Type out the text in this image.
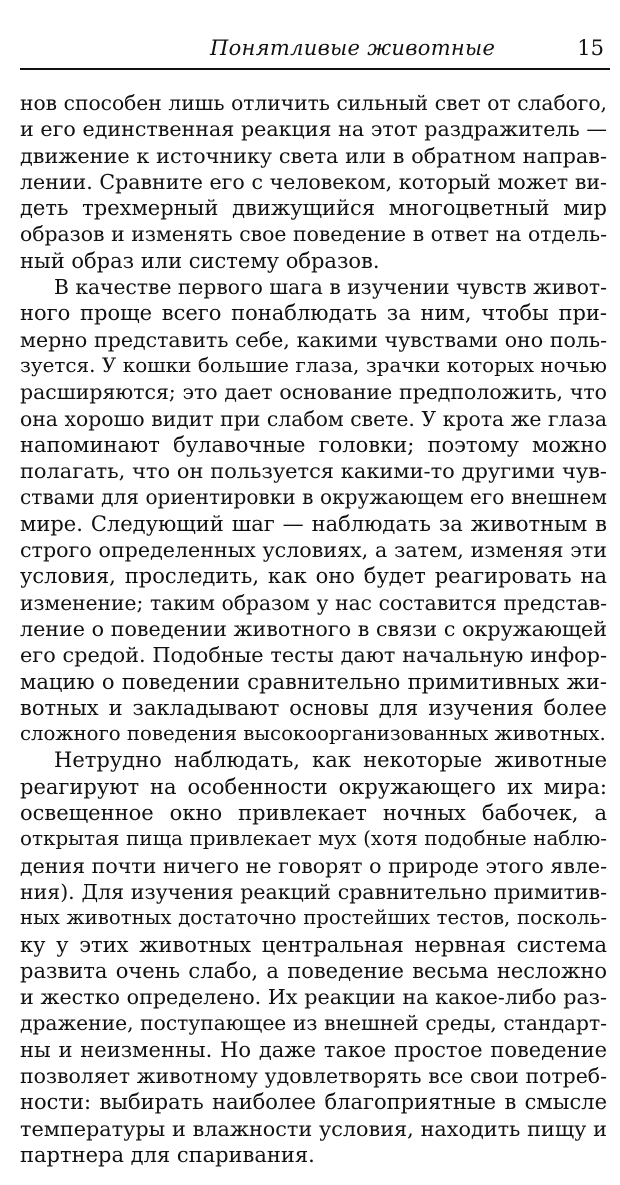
Понятливые животные	15
нов способен лишь отличить сильный свет от слабого,
и его единственная реакция на этот раздражитель —
движение к источнику света или в обратном направ-
лении. Сравните его с человеком, который может ви-
деть трехмерный движущийся многоцветный мир
образов и изменять свое поведение в ответ на отдель-
ный образ или систему образов.
В качестве первого шага в изучении чувств живот-
ного проще всего понаблюдать за ним, чтобы при-
мерно представить себе, какими чувствами оно поль-
зуется. У кошки большие глаза, зрачки которых ночью
расширяются; это дает основание предположить, что
она хорошо видит при слабом свете. У крота же глаза
напоминают булавочные головки; поэтому можно
полагать, что он пользуется какими-то другими чув-
ствами для ориентировки в окружающем его внешнем
мире. Следующий шаг — наблюдать за животным в
строго определенных условиях, а затем, изменяя эти
условия, проследить, как оно будет реагировать на
изменение; таким образом у нас составится представ-
ление о поведении животного в связи с окружающей
его средой. Подобные тесты дают начальную инфор-
мацию о поведении сравнительно примитивных жи-
вотных и закладывают основы для изучения более
сложного поведения высокоорганизованных животных.
Нетрудно наблюдать, как некоторые животные
реагируют на особенности окружающего их мира:
освещенное окно привлекает ночных бабочек, а
открытая пища привлекает мух (хотя подобные наблю-
дения почти ничего не говорят о природе этого явле-
ния). Для изучения реакций сравнительно примитив-
ных животных достаточно простейших тестов, посколь-
ку у этих животных центральная нервная система
развита очень слабо, а поведение весьма несложно
и жестко определено. Их реакции на какое-либо раз-
дражение, поступающее из внешней среды, стандарт-
ны и неизменны. Но даже такое простое поведение
позволяет животному удовлетворять все свои потреб-
ности: выбирать наиболее благоприятные в смысле
температуры и влажности условия, находить пищу и
партнера для спаривания.
